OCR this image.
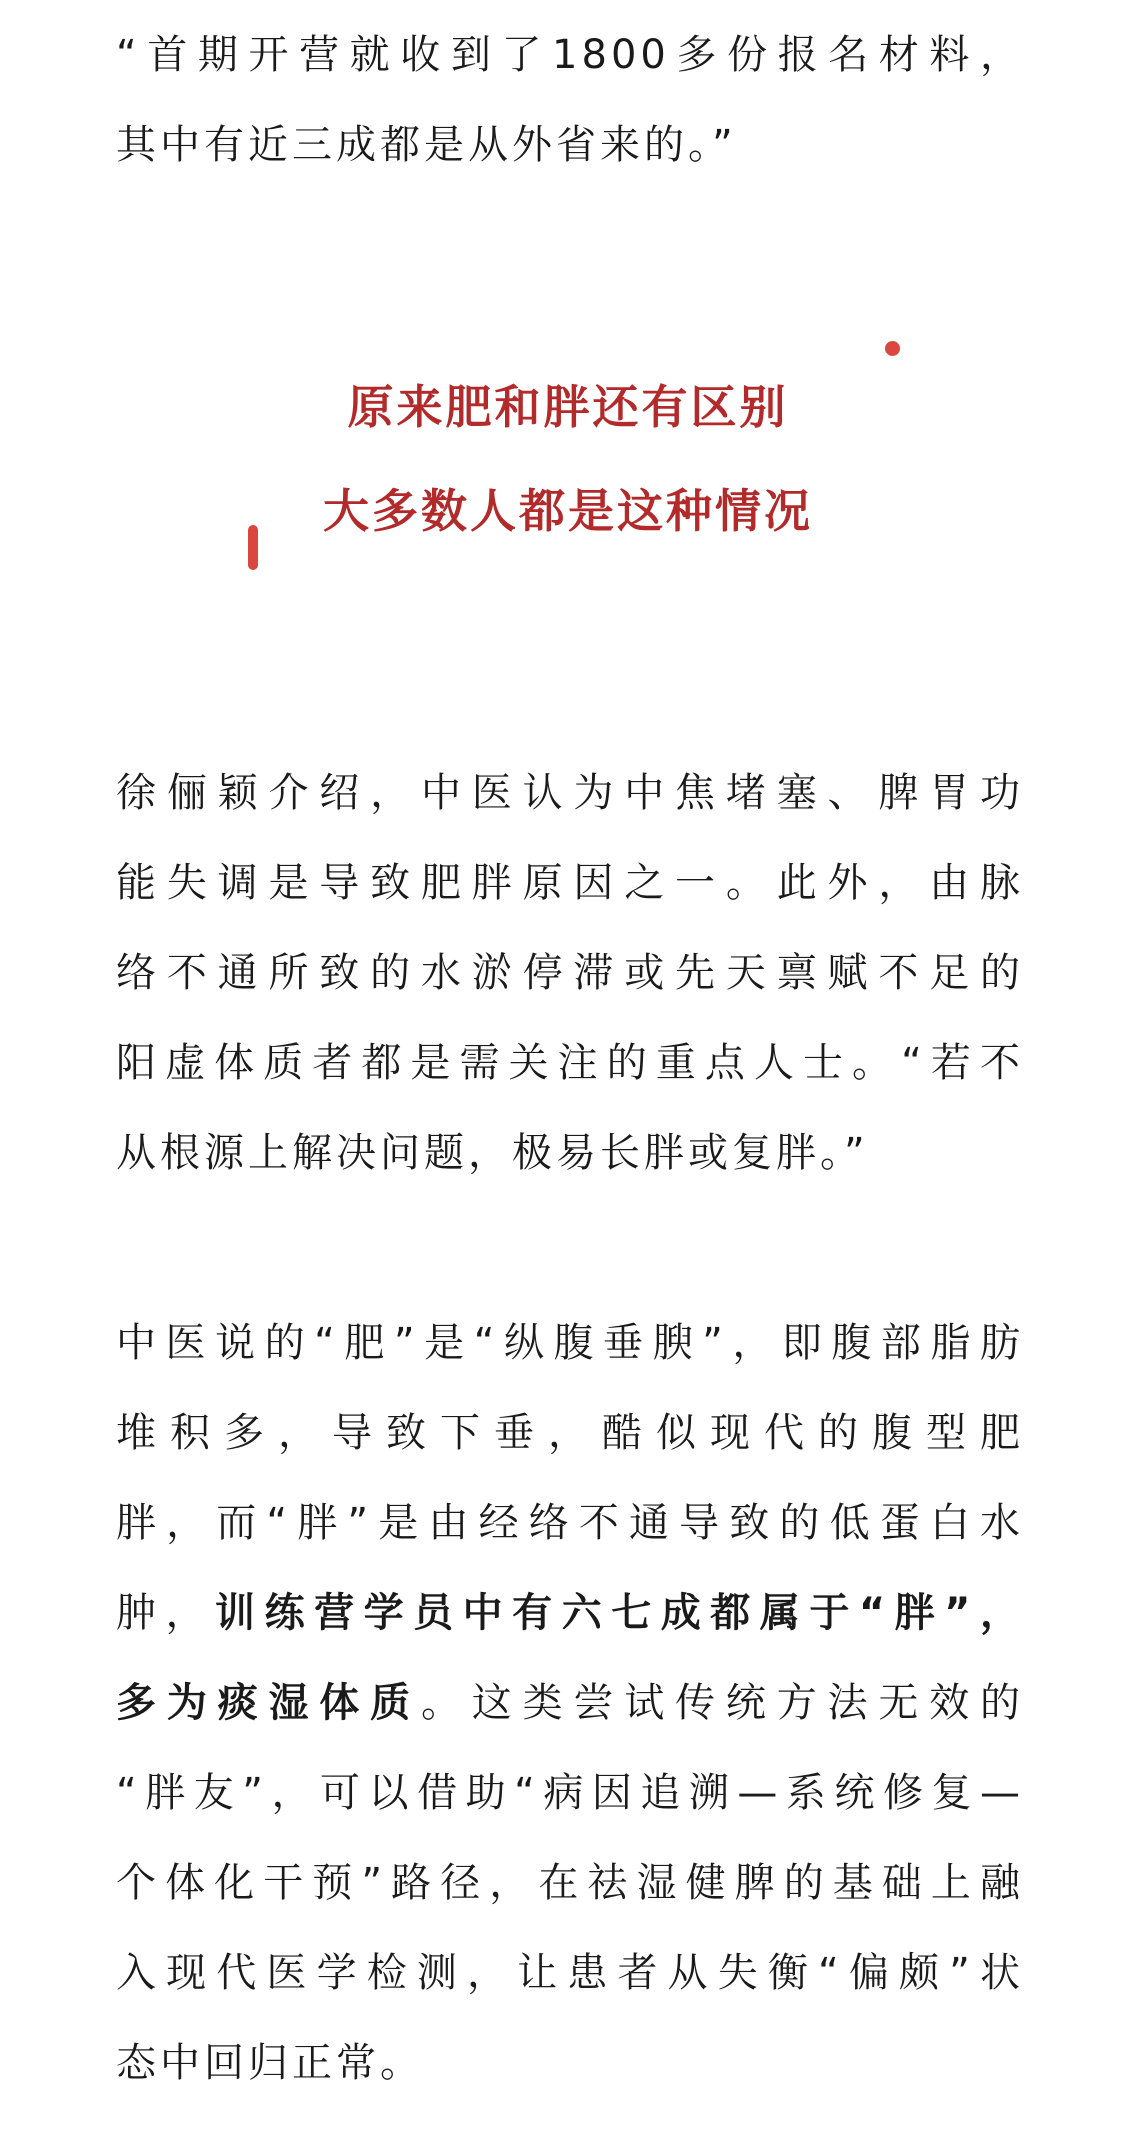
“首期开营就收到了1800多份报名材料，
其中有近三成都是从外省来的。”

原来肥和胖还有区别
大多数人都是这种情况

徐俪颖介绍，中医认为中焦堵塞、脾胃功
能失调是导致肥胖原因之一。此外，由脉
络不通所致的水淤停滞或先天禀赋不足的
阳虚体质者都是需关注的重点人士。“若不
从根源上解决问题，极易长胖或复胖。”

中医说的“肥”是“纵腹垂腴”，即腹部脂肪
堆积多，导致下垂，酷似现代的腹型肥
胖，而“胖”是由经络不通导致的低蛋白水
肿，训练营学员中有六七成都属于“胖”，
多为痰湿体质。这类尝试传统方法无效的
“胖友”，可以借助“病因追溯—系统修复—
个体化干预”路径，在祛湿健脾的基础上融
入现代医学检测，让患者从失衡“偏颇”状
态中回归正常。
